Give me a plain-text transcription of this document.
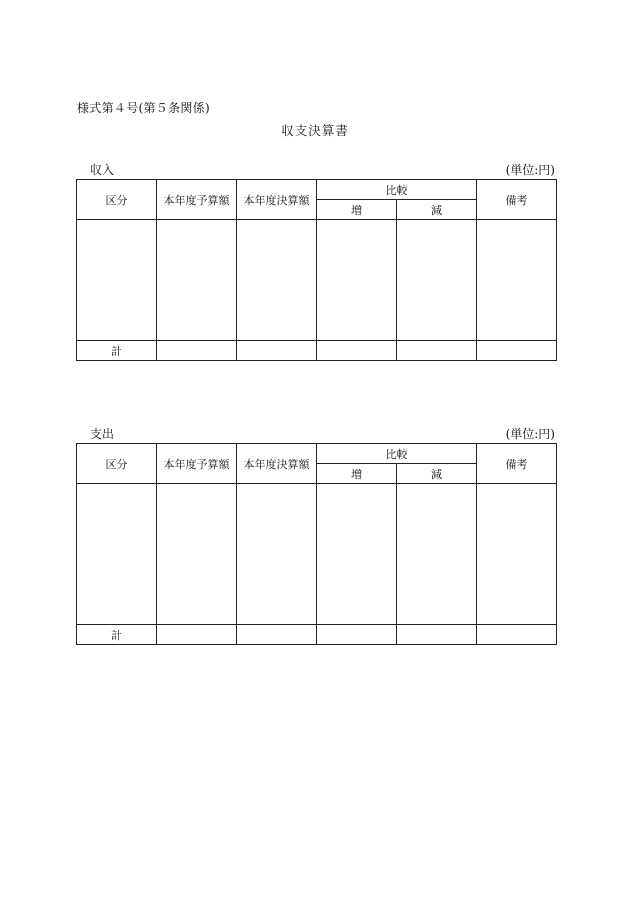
様式第４号(第５条関係)
収支決算書
収入	(単位:円)
区分	本年度予算額	本年度決算額	比較		備考
			増	減	

計					
支出	(単位:円)
区分	本年度予算額	本年度決算額	比較		備考
			増	減	

計					
